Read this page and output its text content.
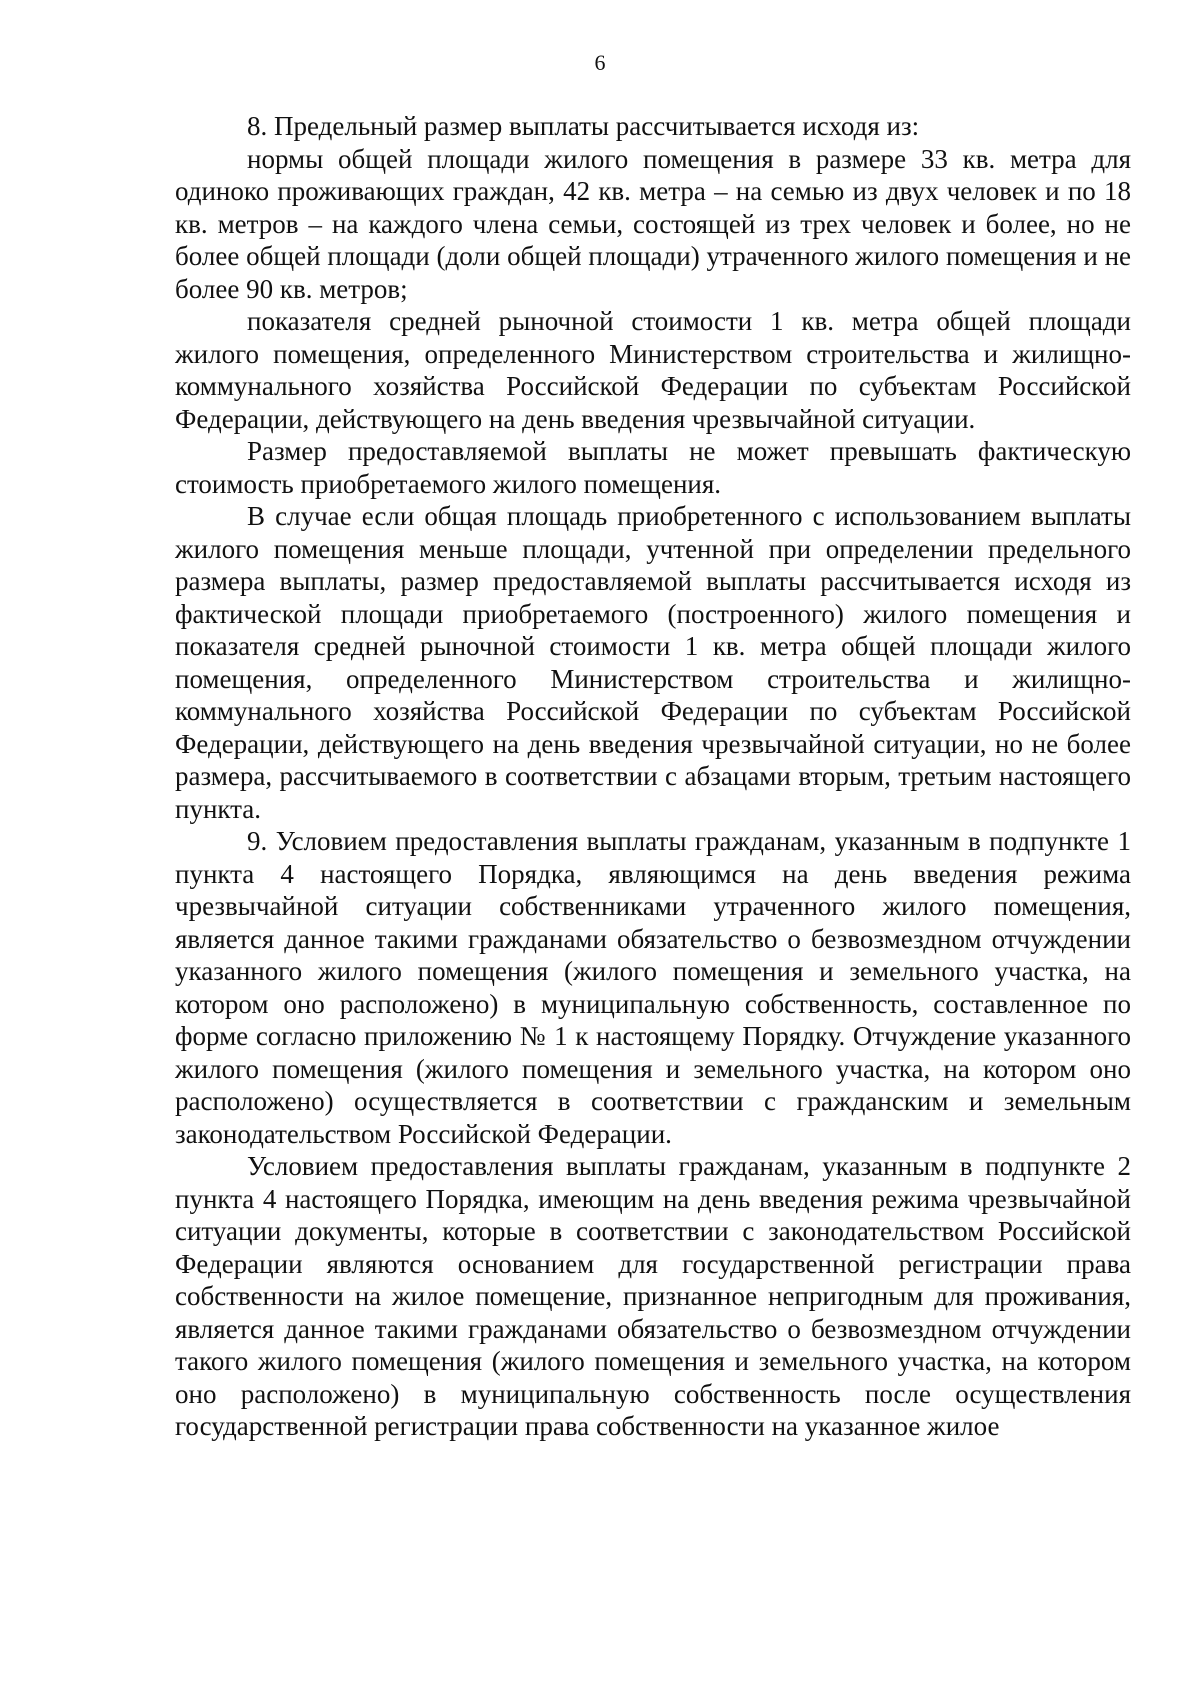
6

8. Предельный размер выплаты рассчитывается исходя из:

нормы общей площади жилого помещения в размере 33 кв. метра для одиноко проживающих граждан, 42 кв. метра – на семью из двух человек и по 18 кв. метров – на каждого члена семьи, состоящей из трех человек и более, но не более общей площади (доли общей площади) утраченного жилого помещения и не более 90 кв. метров;

показателя средней рыночной стоимости 1 кв. метра общей площади жилого помещения, определенного Министерством строительства и жилищно-коммунального хозяйства Российской Федерации по субъектам Российской Федерации, действующего на день введения чрезвычайной ситуации.

Размер предоставляемой выплаты не может превышать фактическую стоимость приобретаемого жилого помещения.

В случае если общая площадь приобретенного с использованием выплаты жилого помещения меньше площади, учтенной при определении предельного размера выплаты, размер предоставляемой выплаты рассчитывается исходя из фактической площади приобретаемого (построенного) жилого помещения и показателя средней рыночной стоимости 1 кв. метра общей площади жилого помещения, определенного Министерством строительства и жилищно-коммунального хозяйства Российской Федерации по субъектам Российской Федерации, действующего на день введения чрезвычайной ситуации, но не более размера, рассчитываемого в соответствии с абзацами вторым, третьим настоящего пункта.

9. Условием предоставления выплаты гражданам, указанным в подпункте 1 пункта 4 настоящего Порядка, являющимся на день введения режима чрезвычайной ситуации собственниками утраченного жилого помещения, является данное такими гражданами обязательство о безвозмездном отчуждении указанного жилого помещения (жилого помещения и земельного участка, на котором оно расположено) в муниципальную собственность, составленное по форме согласно приложению № 1 к настоящему Порядку. Отчуждение указанного жилого помещения (жилого помещения и земельного участка, на котором оно расположено) осуществляется в соответствии с гражданским и земельным законодательством Российской Федерации.

Условием предоставления выплаты гражданам, указанным в подпункте 2 пункта 4 настоящего Порядка, имеющим на день введения режима чрезвычайной ситуации документы, которые в соответствии с законодательством Российской Федерации являются основанием для государственной регистрации права собственности на жилое помещение, признанное непригодным для проживания, является данное такими гражданами обязательство о безвозмездном отчуждении такого жилого помещения (жилого помещения и земельного участка, на котором оно расположено) в муниципальную собственность после осуществления государственной регистрации права собственности на указанное жилое
